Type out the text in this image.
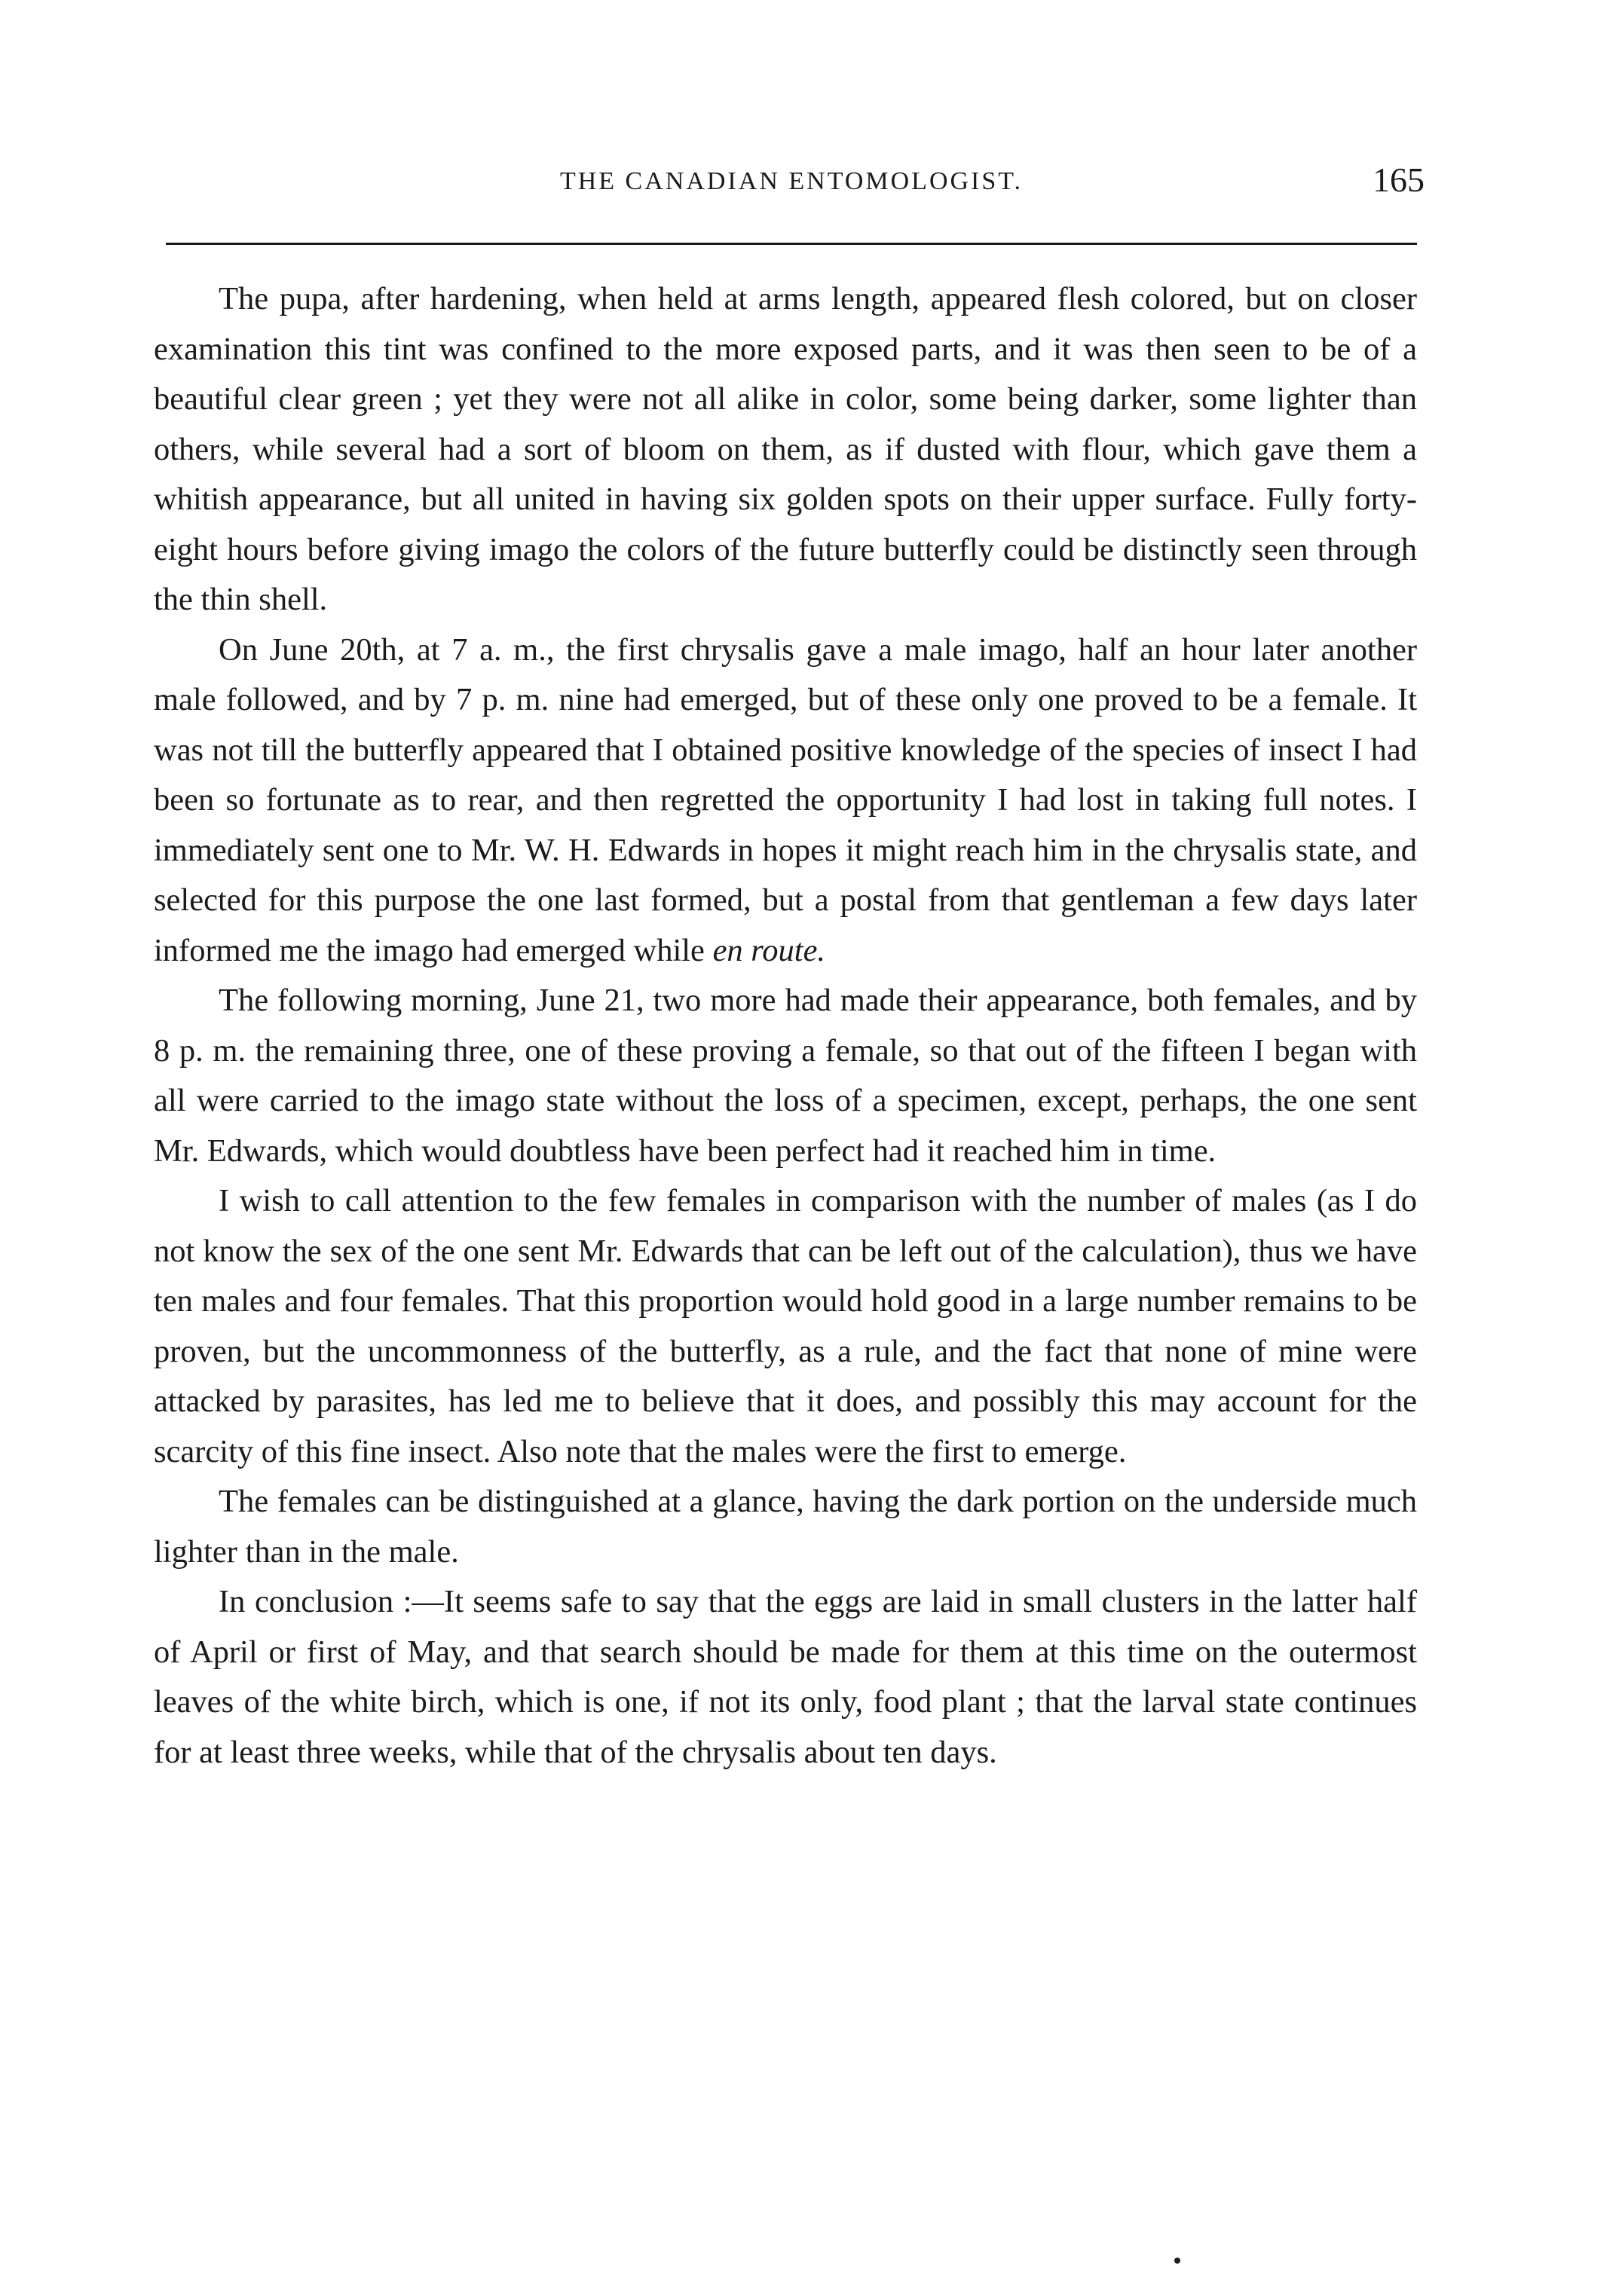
THE CANADIAN ENTOMOLOGIST.	165

The pupa, after hardening, when held at arms length, appeared flesh colored, but on closer examination this tint was confined to the more exposed parts, and it was then seen to be of a beautiful clear green ; yet they were not all alike in color, some being darker, some lighter than others, while several had a sort of bloom on them, as if dusted with flour, which gave them a whitish appearance, but all united in having six golden spots on their upper surface. Fully forty-eight hours before giving imago the colors of the future butterfly could be distinctly seen through the thin shell.

On June 20th, at 7 a. m., the first chrysalis gave a male imago, half an hour later another male followed, and by 7 p. m. nine had emerged, but of these only one proved to be a female. It was not till the butterfly appeared that I obtained positive knowledge of the species of insect I had been so fortunate as to rear, and then regretted the opportunity I had lost in taking full notes. I immediately sent one to Mr. W. H. Edwards in hopes it might reach him in the chrysalis state, and selected for this purpose the one last formed, but a postal from that gentleman a few days later informed me the imago had emerged while en route.

The following morning, June 21, two more had made their appearance, both females, and by 8 p. m. the remaining three, one of these proving a female, so that out of the fifteen I began with all were carried to the imago state without the loss of a specimen, except, perhaps, the one sent Mr. Edwards, which would doubtless have been perfect had it reached him in time.

I wish to call attention to the few females in comparison with the number of males (as I do not know the sex of the one sent Mr. Edwards that can be left out of the calculation), thus we have ten males and four females. That this proportion would hold good in a large number remains to be proven, but the uncommonness of the butterfly, as a rule, and the fact that none of mine were attacked by parasites, has led me to believe that it does, and possibly this may account for the scarcity of this fine insect. Also note that the males were the first to emerge.

The females can be distinguished at a glance, having the dark portion on the underside much lighter than in the male.

In conclusion :—It seems safe to say that the eggs are laid in small clusters in the latter half of April or first of May, and that search should be made for them at this time on the outermost leaves of the white birch, which is one, if not its only, food plant ; that the larval state continues for at least three weeks, while that of the chrysalis about ten days.
